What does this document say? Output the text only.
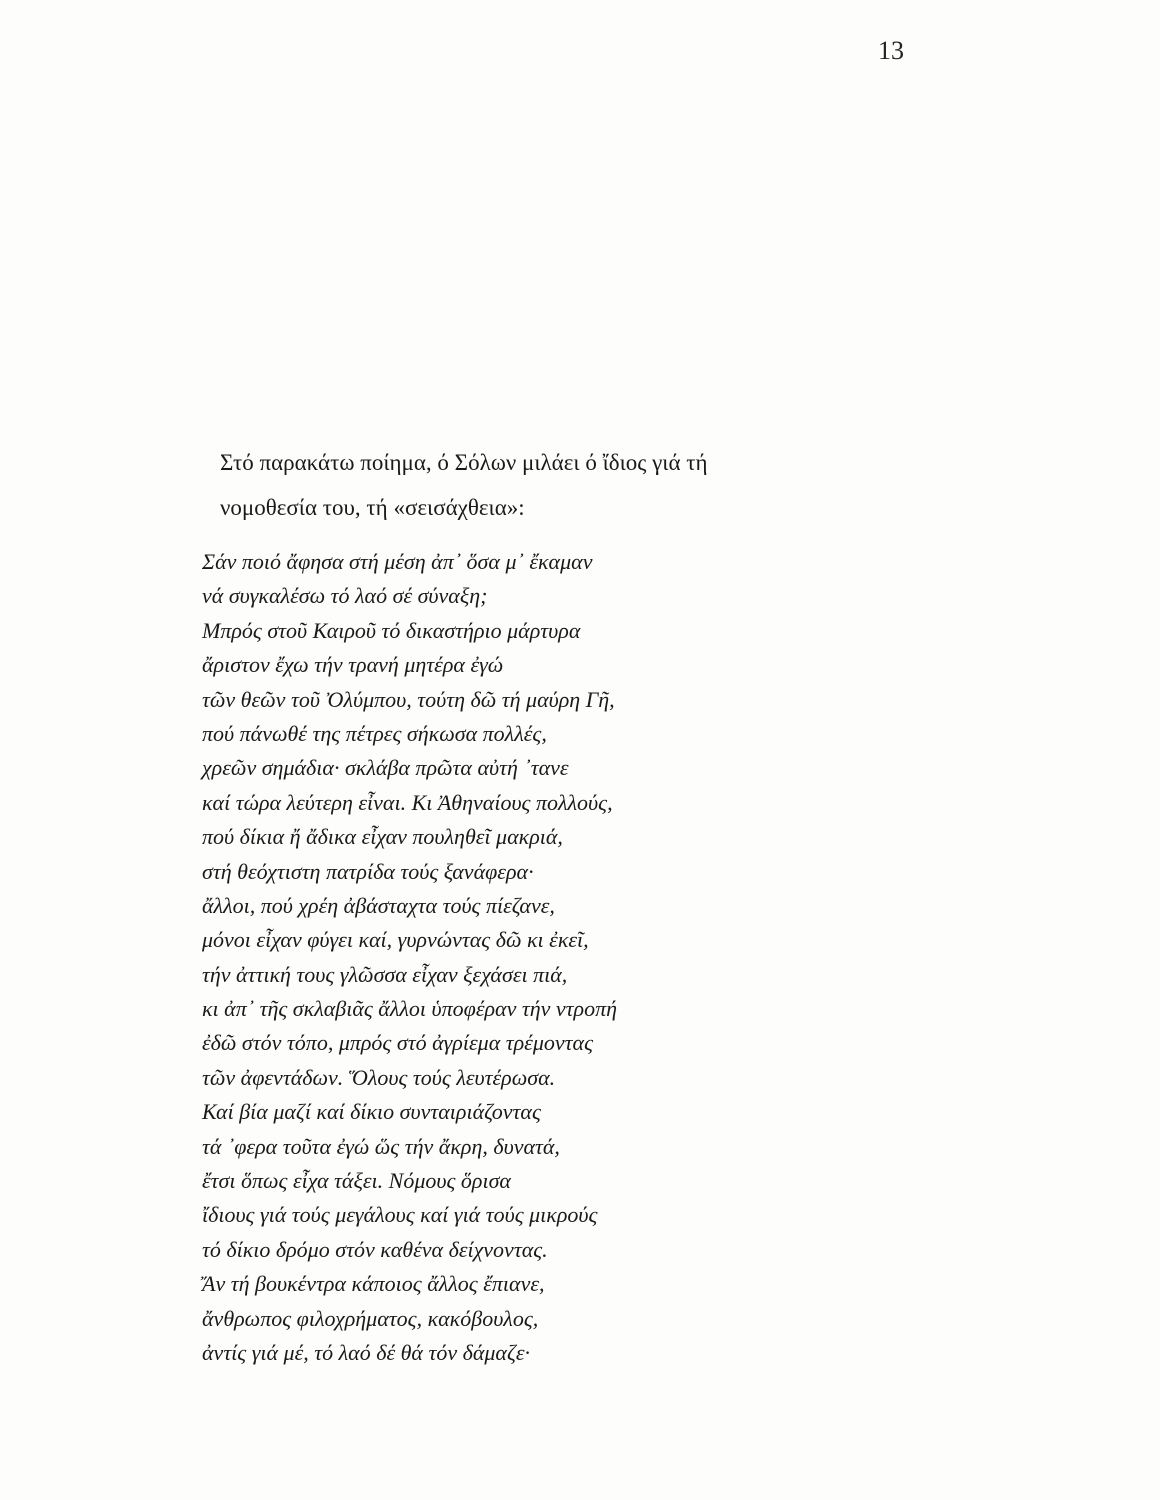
13
Στό παρακάτω ποίημα, ό Σόλων μιλάει ό ἴδιος γιά τή
νομοθεσία του, τή «σεισάχθεια»:
Σάν ποιό ἄφησα στή μέση ἀπ᾽ ὅσα μ᾽ ἔκαμαν
νά συγκαλέσω τό λαό σέ σύναξη;
Μπρός στοῦ Καιροῦ τό δικαστήριο μάρτυρα
ἄριστον ἔχω τήν τρανή μητέρα ἐγώ
τῶν θεῶν τοῦ Ὀλύμπου, τούτη δῶ τή μαύρη Γῆ,
πού πάνωθέ της πέτρες σήκωσα πολλές,
χρεῶν σημάδια· σκλάβα πρῶτα αὐτή ᾽τανε
καί τώρα λεύτερη εἶναι. Κι Ἀθηναίους πολλούς,
πού δίκια ἤ ἄδικα εἶχαν πουληθεῖ μακριά,
στή θεόχτιστη πατρίδα τούς ξανάφερα·
ἄλλοι, πού χρέη ἀβάσταχτα τούς πίεζανε,
μόνοι εἶχαν φύγει καί, γυρνώντας δῶ κι ἐκεῖ,
τήν ἀττική τους γλῶσσα εἶχαν ξεχάσει πιά,
κι ἀπ᾽ τῆς σκλαβιᾶς ἄλλοι ὑποφέραν τήν ντροπή
ἐδῶ στόν τόπο, μπρός στό ἀγρίεμα τρέμοντας
τῶν ἀφεντάδων. Ὅλους τούς λευτέρωσα.
Καί βία μαζί καί δίκιο συνταιριάζοντας
τά ᾽φερα τοῦτα ἐγώ ὥς τήν ἄκρη, δυνατά,
ἔτσι ὅπως εἶχα τάξει. Νόμους ὅρισα
ἴδιους γιά τούς μεγάλους καί γιά τούς μικρούς
τό δίκιο δρόμο στόν καθένα δείχνοντας.
Ἄν τή βουκέντρα κάποιος ἄλλος ἔπιανε,
ἄνθρωπος φιλοχρήματος, κακόβουλος,
ἀντίς γιά μέ, τό λαό δέ θά τόν δάμαζε·
